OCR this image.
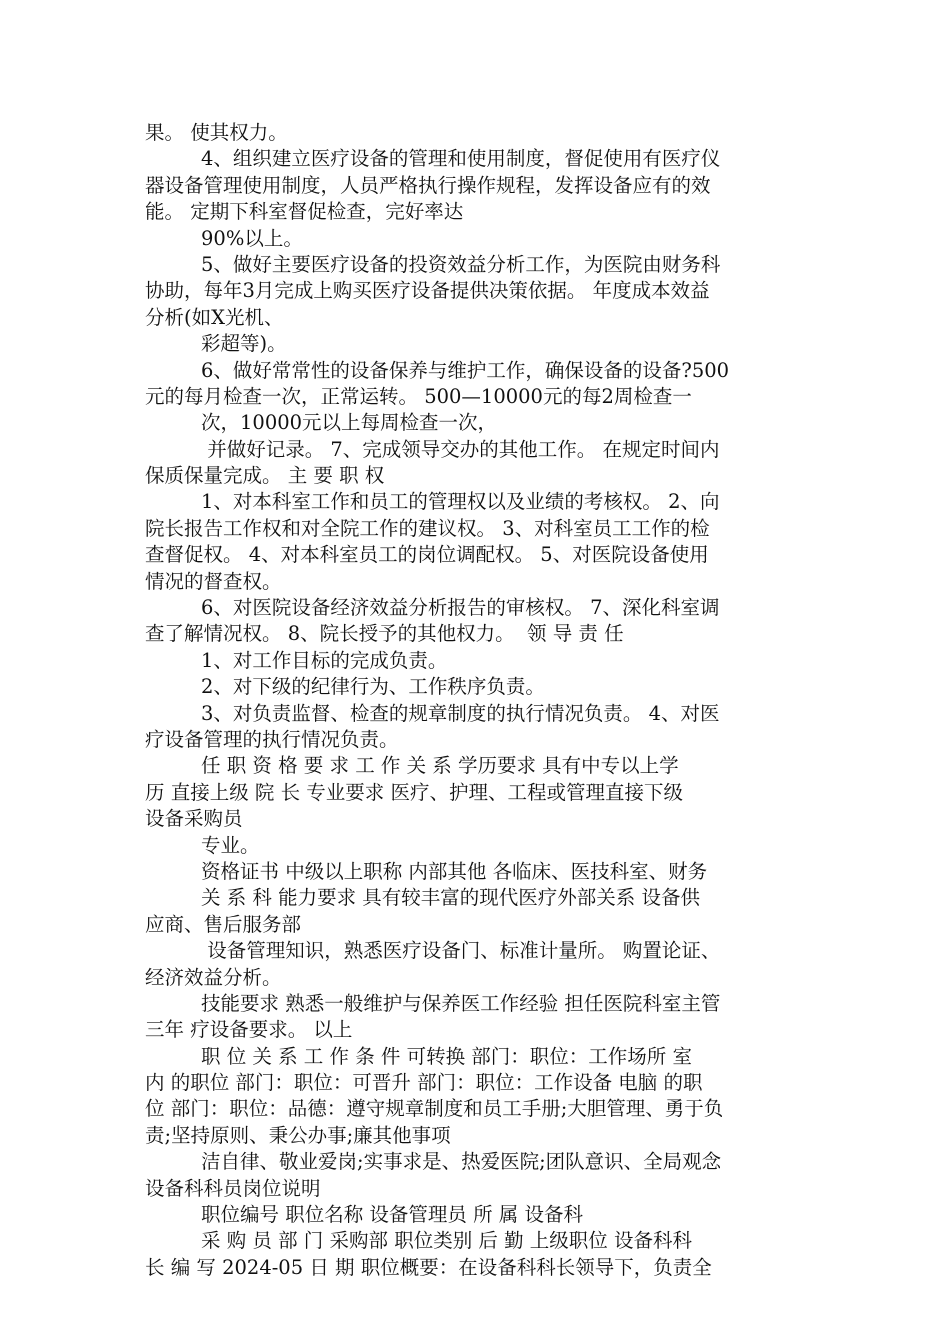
果。 使其权力。
4、组织建立医疗设备的管理和使用制度，督促使用有医疗仪
器设备管理使用制度，人员严格执行操作规程，发挥设备应有的效
能。 定期下科室督促检查，完好率达
90%以上。
5、做好主要医疗设备的投资效益分析工作，为医院由财务科
协助，每年3月完成上购买医疗设备提供决策依据。 年度成本效益
分析(如X光机、
彩超等)。
6、做好常常性的设备保养与维护工作，确保设备的设备?500
元的每月检查一次，正常运转。 500—10000元的每2周检查一
次，10000元以上每周检查一次，
并做好记录。 7、完成领导交办的其他工作。 在规定时间内
保质保量完成。 主 要 职 权
1、对本科室工作和员工的管理权以及业绩的考核权。 2、向
院长报告工作权和对全院工作的建议权。 3、对科室员工工作的检
查督促权。 4、对本科室员工的岗位调配权。 5、对医院设备使用
情况的督查权。
6、对医院设备经济效益分析报告的审核权。 7、深化科室调
查了解情况权。 8、院长授予的其他权力。  领 导 责 任
1、对工作目标的完成负责。
2、对下级的纪律行为、工作秩序负责。
3、对负责监督、检查的规章制度的执行情况负责。 4、对医
疗设备管理的执行情况负责。
任 职 资 格 要 求 工 作 关 系 学历要求 具有中专以上学
历 直接上级 院 长 专业要求 医疗、护理、工程或管理直接下级
设备采购员
专业。
资格证书 中级以上职称 内部其他 各临床、医技科室、财务
关 系 科 能力要求 具有较丰富的现代医疗外部关系 设备供
应商、售后服务部
设备管理知识，熟悉医疗设备门、标准计量所。 购置论证、
经济效益分析。
技能要求 熟悉一般维护与保养医工作经验 担任医院科室主管
三年 疗设备要求。 以上
职 位 关 系 工 作 条 件 可转换 部门：职位：工作场所 室
内 的职位 部门：职位：可晋升 部门：职位：工作设备 电脑 的职
位 部门：职位：品德：遵守规章制度和员工手册;大胆管理、勇于负
责;坚持原则、秉公办事;廉其他事项
洁自律、敬业爱岗;实事求是、热爱医院;团队意识、全局观念
设备科科员岗位说明
职位编号 职位名称 设备管理员 所 属 设备科
采 购 员 部 门 采购部 职位类别 后 勤 上级职位 设备科科
长 编 写 2024-05 日 期 职位概要：在设备科科长领导下，负责全
